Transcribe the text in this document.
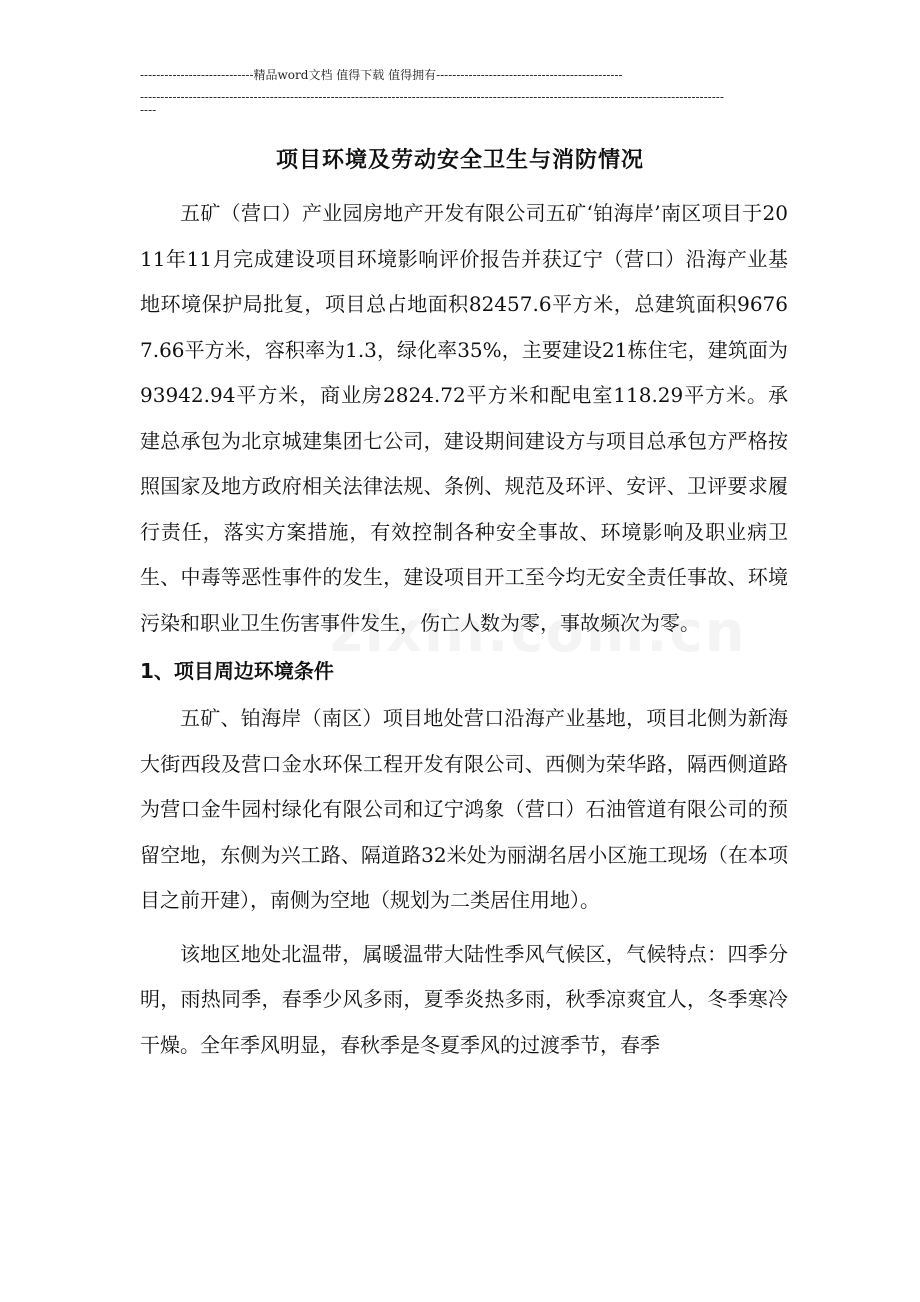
----------------------------精品word文档 值得下载 值得拥有----------------------------------------------
------------------------------------------------------------------------------------------------------------------------------------------------
----
项目环境及劳动安全卫生与消防情况

五矿（营口）产业园房地产开发有限公司五矿‘铂海岸’南区项目于2011年11月完成建设项目环境影响评价报告并获辽宁（营口）沿海产业基地环境保护局批复，项目总占地面积82457.6平方米，总建筑面积96767.66平方米，容积率为1.3，绿化率35%，主要建设21栋住宅，建筑面为93942.94平方米，商业房2824.72平方米和配电室118.29平方米。承建总承包为北京城建集团七公司，建设期间建设方与项目总承包方严格按照国家及地方政府相关法律法规、条例、规范及环评、安评、卫评要求履行责任，落实方案措施，有效控制各种安全事故、环境影响及职业病卫生、中毒等恶性事件的发生，建设项目开工至今均无安全责任事故、环境污染和职业卫生伤害事件发生，伤亡人数为零，事故频次为零。

1、项目周边环境条件

五矿、铂海岸（南区）项目地处营口沿海产业基地，项目北侧为新海大街西段及营口金水环保工程开发有限公司、西侧为荣华路，隔西侧道路为营口金牛园村绿化有限公司和辽宁鸿象（营口）石油管道有限公司的预留空地，东侧为兴工路、隔道路32米处为丽湖名居小区施工现场（在本项目之前开建），南侧为空地（规划为二类居住用地）。

该地区地处北温带，属暖温带大陆性季风气候区，气候特点：四季分明，雨热同季，春季少风多雨，夏季炎热多雨，秋季凉爽宜人，冬季寒冷干燥。全年季风明显，春秋季是冬夏季风的过渡季节，春季
